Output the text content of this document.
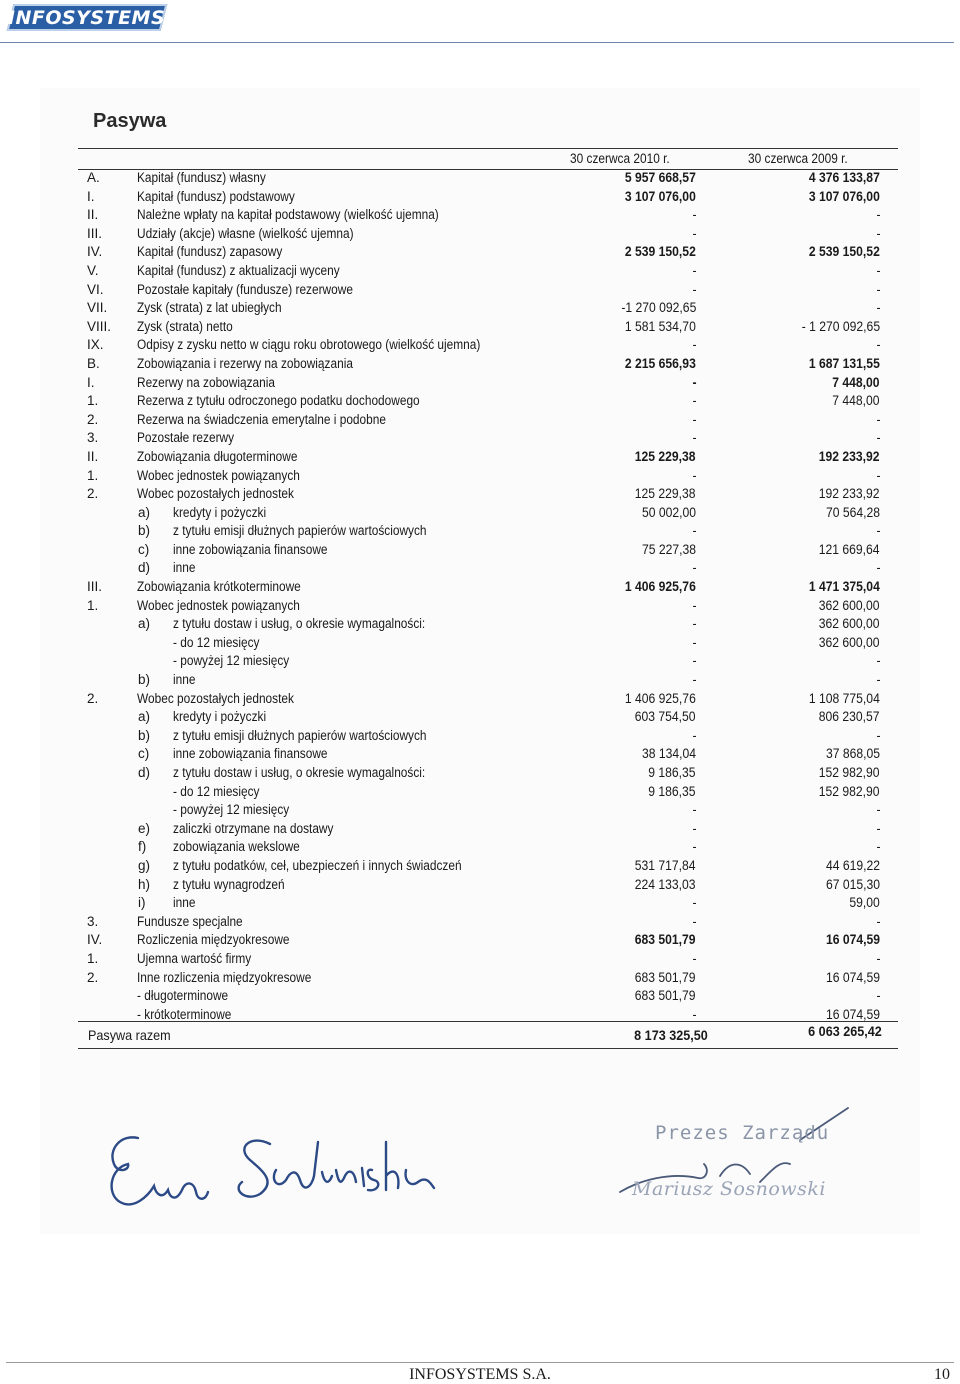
INFOSYSTEMS
Pasywa
30 czerwca 2010 r.	30 czerwca 2009 r.
A.	Kapitał (fundusz) własny	5 957 668,57	4 376 133,87
I.	Kapitał (fundusz) podstawowy	3 107 076,00	3 107 076,00
II.	Należne wpłaty na kapitał podstawowy (wielkość ujemna)	-	-
III.	Udziały (akcje) własne (wielkość ujemna)	-	-
IV.	Kapitał (fundusz) zapasowy	2 539 150,52	2 539 150,52
V.	Kapitał (fundusz) z aktualizacji wyceny	-	-
VI. Pozostałe kapitały (fundusze) rezerwowe	-	-
VII. Zysk (strata) z lat ubiegłych	-1 270 092,65	-
VIII. Zysk (strata) netto	1 581 534,70	- 1 270 092,65
IX. Odpisy z zysku netto w ciągu roku obrotowego (wielkość ujemna)	-	-
B.	Zobowiązania i rezerwy na zobowiązania	2 215 656,93	1 687 131,55
I.	Rezerwy na zobowiązania	-	7 448,00
1.	Rezerwa z tytułu odroczonego podatku dochodowego	-	7 448,00
2.	Rezerwa na świadczenia emerytalne i podobne	-	-
3.	Pozostałe rezerwy	-	-
II.	Zobowiązania długoterminowe	125 229,38	192 233,92
1.	Wobec jednostek powiązanych	-	-
2.	Wobec pozostałych jednostek	125 229,38	192 233,92
a) kredyty i pożyczki	50 002,00	70 564,28
b) z tytułu emisji dłużnych papierów wartościowych	-	-
c) inne zobowiązania finansowe	75 227,38	121 669,64
d) inne	-	-
III.	Zobowiązania krótkoterminowe	1 406 925,76	1 471 375,04
1.	Wobec jednostek powiązanych	-	362 600,00
a) z tytułu dostaw i usług, o okresie wymagalności:	-	362 600,00
- do 12 miesięcy	-	362 600,00
- powyżej 12 miesięcy	-	-
b) inne	-	-
2.	Wobec pozostałych jednostek	1 406 925,76	1 108 775,04
a) kredyty i pożyczki	603 754,50	806 230,57
b) z tytułu emisji dłużnych papierów wartościowych	-	-
c) inne zobowiązania finansowe	38 134,04	37 868,05
d) z tytułu dostaw i usług, o okresie wymagalności:	9 186,35	152 982,90
- do 12 miesięcy	9 186,35	152 982,90
- powyżej 12 miesięcy	-	-
e) zaliczki otrzymane na dostawy	-	-
f) zobowiązania wekslowe	-	-
g) z tytułu podatków, ceł, ubezpieczeń i innych świadczeń	531 717,84	44 619,22
h) z tytułu wynagrodzeń	224 133,03	67 015,30
i) inne	-	59,00
3.	Fundusze specjalne	-	-
IV.	Rozliczenia międzyokresowe	683 501,79	16 074,59
1.	Ujemna wartość firmy	-	-
2.	Inne rozliczenia międzyokresowe	683 501,79	16 074,59
- długoterminowe	683 501,79	-
- krótkoterminowe	-	16 074,59
Pasywa razem	8 173 325,50	6 063 265,42
Prezes Zarządu
Mariusz Sosnowski
INFOSYSTEMS S.A.	10
